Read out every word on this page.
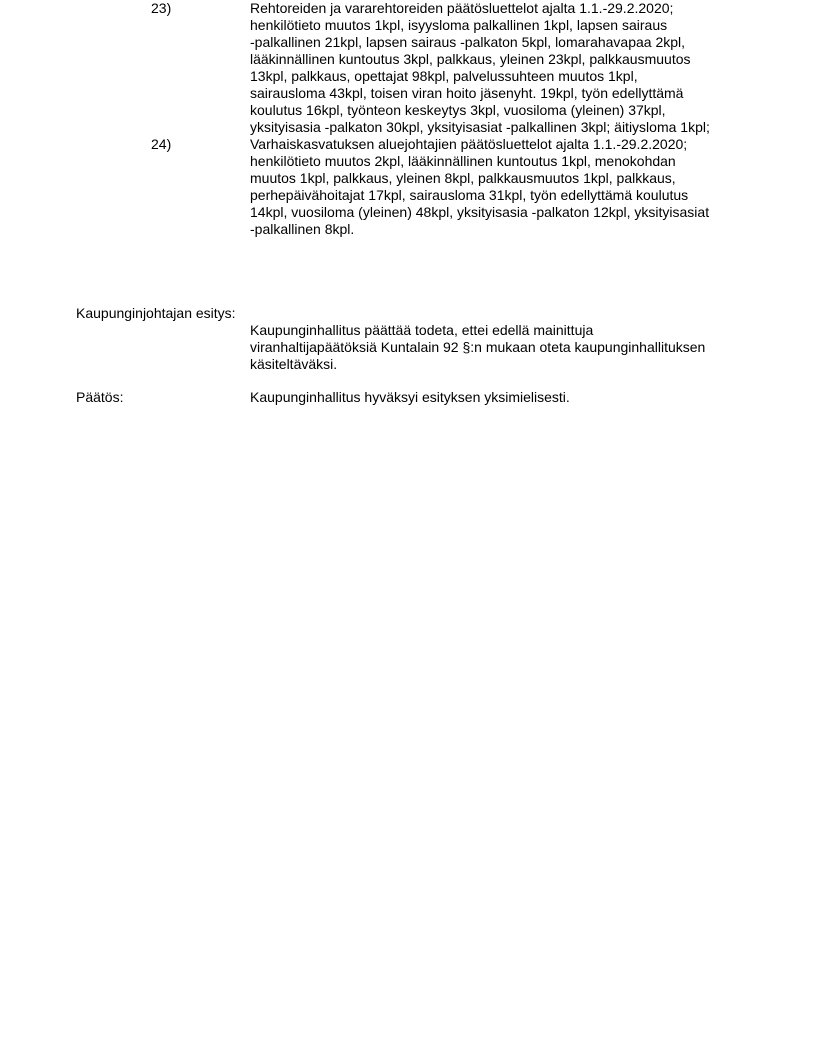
23)	Rehtoreiden ja vararehtoreiden päätösluettelot ajalta 1.1.-29.2.2020;
henkilötieto muutos 1kpl, isyysloma palkallinen 1kpl, lapsen sairaus
-palkallinen 21kpl, lapsen sairaus -palkaton 5kpl, lomarahavapaa 2kpl,
lääkinnällinen kuntoutus 3kpl, palkkaus, yleinen 23kpl, palkkausmuutos
13kpl, palkkaus, opettajat 98kpl, palvelussuhteen muutos 1kpl,
sairausloma 43kpl, toisen viran hoito jäsenyht. 19kpl, työn edellyttämä
koulutus 16kpl, työnteon keskeytys 3kpl, vuosiloma (yleinen) 37kpl,
yksityisasia -palkaton 30kpl, yksityisasiat -palkallinen 3kpl; äitiysloma 1kpl;
24)	Varhaiskasvatuksen aluejohtajien päätösluettelot ajalta 1.1.-29.2.2020;
henkilötieto muutos 2kpl, lääkinnällinen kuntoutus 1kpl, menokohdan
muutos 1kpl, palkkaus, yleinen 8kpl, palkkausmuutos 1kpl, palkkaus,
perhepäivähoitajat 17kpl, sairausloma 31kpl, työn edellyttämä koulutus
14kpl, vuosiloma (yleinen) 48kpl, yksityisasia -palkaton 12kpl, yksityisasiat
-palkallinen 8kpl.
Kaupunginjohtajan esitys:
Kaupunginhallitus päättää todeta, ettei edellä mainittuja
viranhaltijapäätöksiä Kuntalain 92 §:n mukaan oteta kaupunginhallituksen
käsiteltäväksi.
Päätös:	Kaupunginhallitus hyväksyi esityksen yksimielisesti.
